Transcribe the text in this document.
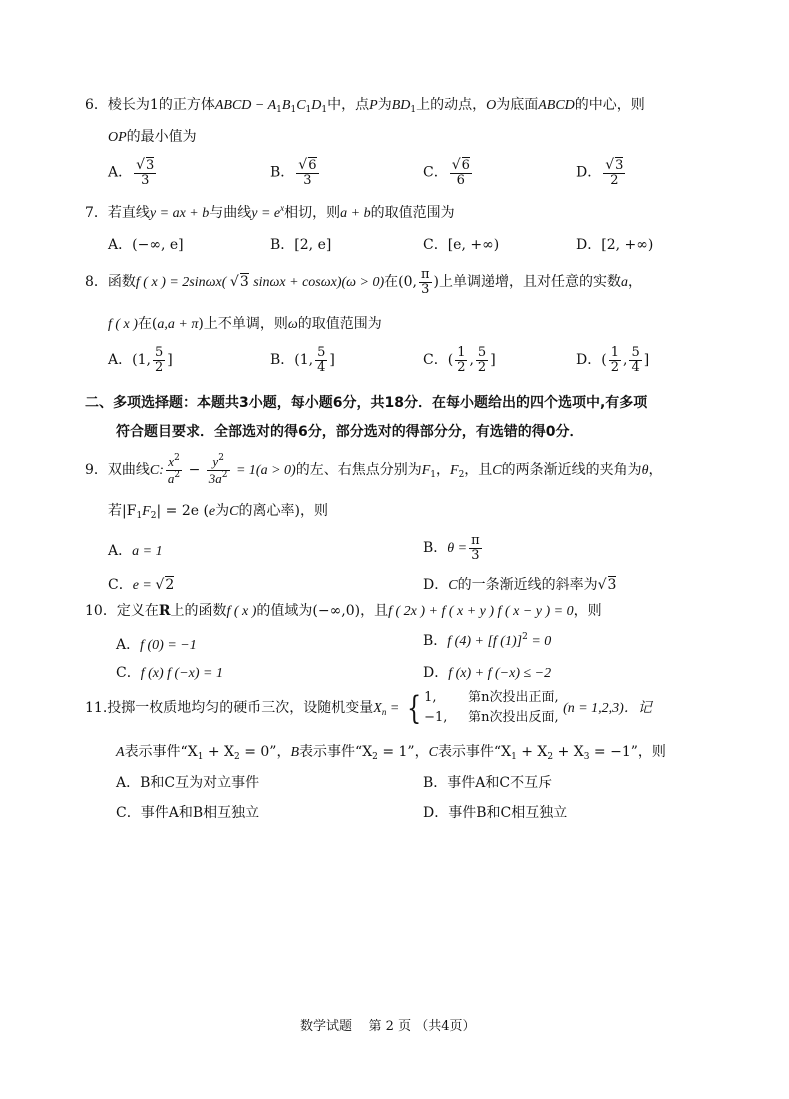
6．棱长为1的正方体ABCD − $A_1B_1C_1D_1$中，点P为$BD_1$上的动点，O为底面ABCD的中心，则
OP的最小值为
A． $\frac{√3}{3}$	B． $\frac{√6}{3}$	C． $\frac{√6}{6}$	D． $\frac{√3}{2}$
7．若直线y = ax + b与曲线$y = e^x$相切，则a + b的取值范围为
A．(−∞, e]	B．[2, e]	C．[e, +∞)	D．[2, +∞)
8．函数f ( x ) = 2sinωx( √3 sinωx + cosωx)(ω > 0)在(0, $\frac{\pi}{3}$ )上单调递增，且对任意的实数a，
f ( x )在(a,a + π)上不单调，则ω的取值范围为
A．(1, $\frac{5}{2}$ ]	B．(1, $\frac{5}{4}$ ]	C．( $\frac{1}{2}$ , $\frac{5}{2}$ ]	D．( $\frac{1}{2}$ , $\frac{5}{4}$ ]
二、多项选择题：本题共3小题，每小题6分，共18分．在每小题给出的四个选项中,有多项
符合题目要求．全部选对的得6分，部分选对的得部分分，有选错的得0分．
9．双曲线C: $\frac{x^2}{a^2} - \frac{y^2}{3a^2} = 1(a > 0)$的左、右焦点分别为$F_1$，$F_2$，且C的两条渐近线的夹角为θ，
若$|F_1F_2| = 2e$ (e为C的离心率)，则
A．a = 1	B．$\theta = \frac{\pi}{3}$
C．e = √2	D．C的一条渐近线的斜率为√3
10．定义在R上的函数f ( x )的值域为(−∞,0)，且f ( 2x ) + f ( x + y ) f ( x − y ) = 0，则
A．f (0) = −1	B．f (4) + [f (1)]$^2$ = 0
C．f (x) f (−x) = 1	D．f (x) + f (−x) ≤ −2
11.投掷一枚质地均匀的硬币三次，设随机变量$X_n$ = { 1, 第n次投出正面,
−1, 第n次投出反面, (n = 1,2,3)．记
A表示事件“$X_1 + X_2 = 0$”，B表示事件“$X_2 = 1$”，C表示事件“$X_1 + X_2 + X_3 = -1$”，则
A．B和C互为对立事件	B．事件A和C不互斥
C．事件A和B相互独立	D．事件B和C相互独立
数学试题 第 2 页 （共4页）
